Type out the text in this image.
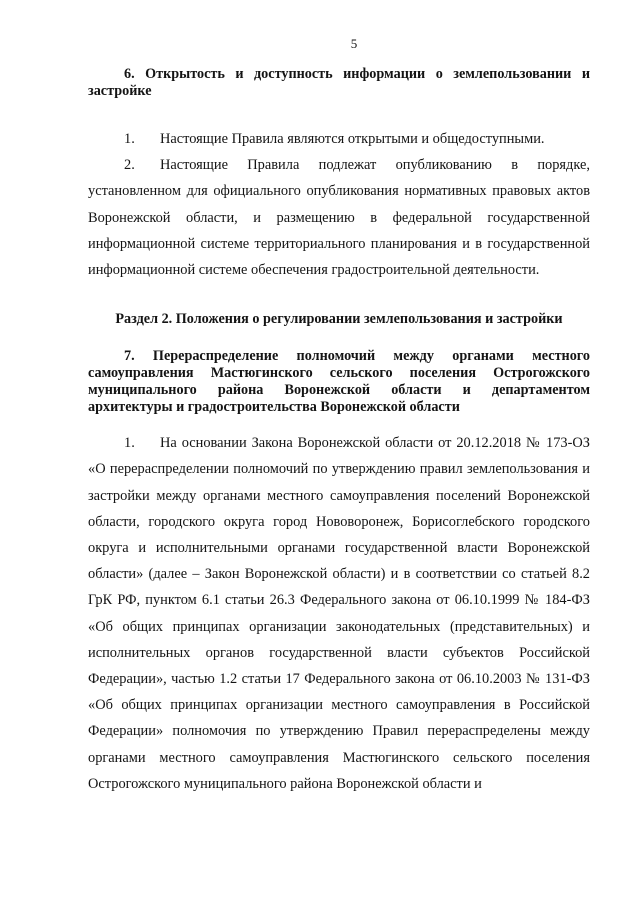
5

6. Открытость и доступность информации о землепользовании и застройке

1. Настоящие Правила являются открытыми и общедоступными.

2. Настоящие Правила подлежат опубликованию в порядке, установленном для официального опубликования нормативных правовых актов Воронежской области, и размещению в федеральной государственной информационной системе территориального планирования и в государственной информационной системе обеспечения градостроительной деятельности.

Раздел 2. Положения о регулировании землепользования и застройки

7. Перераспределение полномочий между органами местного самоуправления Мастюгинского сельского поселения Острогожского муниципального района Воронежской области и департаментом архитектуры и градостроительства Воронежской области

1. На основании Закона Воронежской области от 20.12.2018 № 173-ОЗ «О перераспределении полномочий по утверждению правил землепользования и застройки между органами местного самоуправления поселений Воронежской области, городского округа город Нововоронеж, Борисоглебского городского округа и исполнительными органами государственной власти Воронежской области» (далее – Закон Воронежской области) и в соответствии со статьей 8.2 ГрК РФ, пунктом 6.1 статьи 26.3 Федерального закона от 06.10.1999 № 184-ФЗ «Об общих принципах организации законодательных (представительных) и исполнительных органов государственной власти субъектов Российской Федерации», частью 1.2 статьи 17 Федерального закона от 06.10.2003 № 131-ФЗ «Об общих принципах организации местного самоуправления в Российской Федерации» полномочия по утверждению Правил перераспределены между органами местного самоуправления Мастюгинского сельского поселения Острогожского муниципального района Воронежской области и
